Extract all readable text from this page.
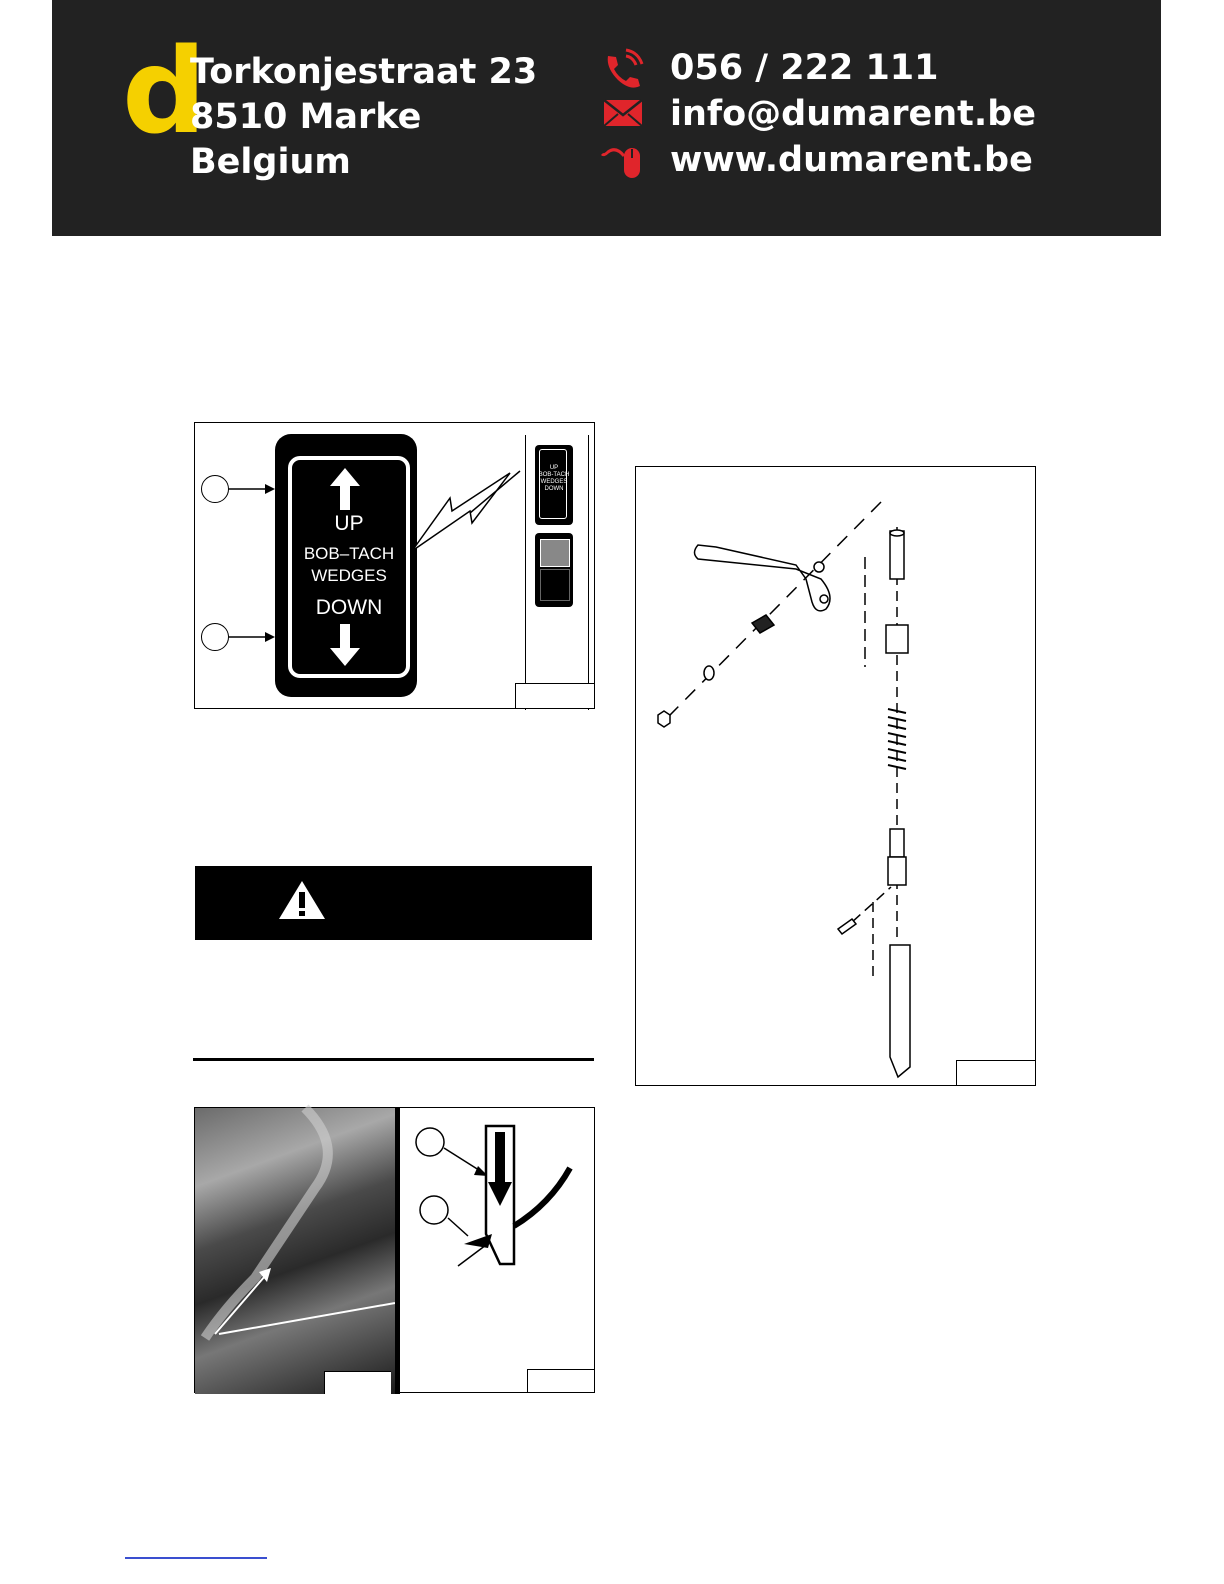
d
Torkonjestraat 23
8510 Marke
Belgium
056 / 222 111
info@dumarent.be
www.dumarent.be
UP
BOB–TACH
WEDGES
DOWN
UP
BOB-TACH
WEDGES
DOWN
